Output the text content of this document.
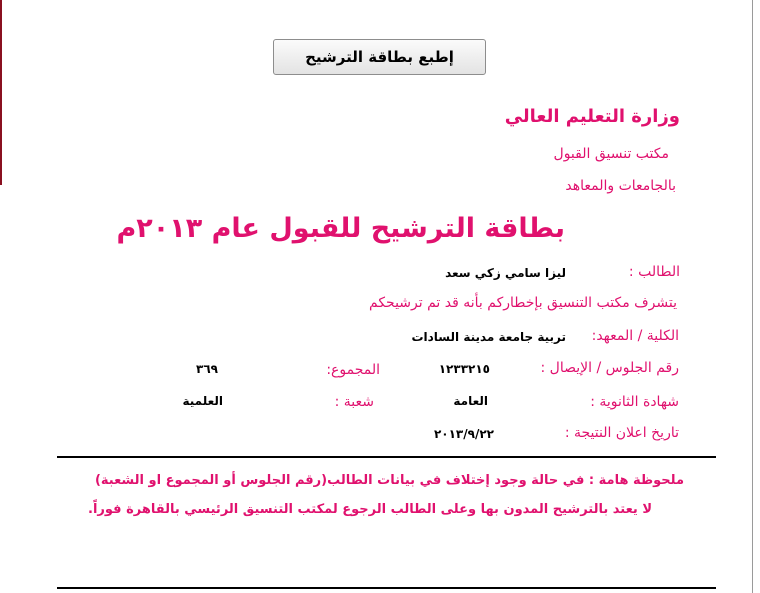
إطبع بطاقة الترشيح
وزارة التعليم العالي
مكتب تنسيق القبول
بالجامعات والمعاهد
بطاقة الترشيح للقبول عام ٢٠١٣م
الطالب :
ليزا سامي زكي سعد
يتشرف مكتب التنسيق بإخطاركم بأنه قد تم ترشيحكم
الكلية / المعهد:
تربية جامعة مدينة السادات
رقم الجلوس / الإيصال :
١٢٣٣٢١٥
المجموع:
٣٦٩
شهادة الثانوية :
العامة
شعبة :
العلمية
تاريخ اعلان النتيجة :
٢٠١٣/٩/٢٢
ملحوظة هامة : في حالة وجود إختلاف في بيانات الطالب(رقم الجلوس أو المجموع او الشعبة)
لا يعتد بالترشيح المدون بها وعلى الطالب الرجوع لمكتب التنسيق الرئيسي بالقاهرة فوراً.
